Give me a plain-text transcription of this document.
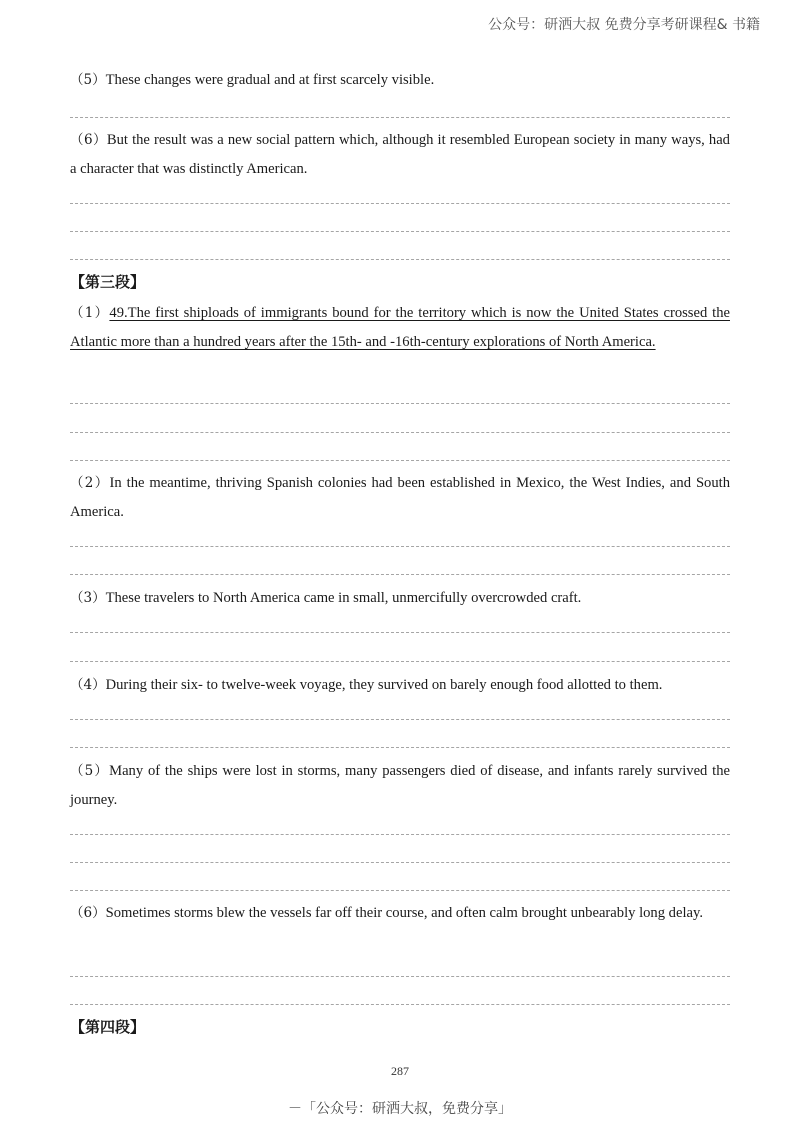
公众号：研洒大叔 免费分享考研课程& 书籍
（5）These changes were gradual and at first scarcely visible.
（6）But the result was a new social pattern which, although it resembled European society in many ways, had a character that was distinctly American.
【第三段】
（1）49.The first shiploads of immigrants bound for the territory which is now the United States crossed the Atlantic more than a hundred years after the 15th- and -16th-century explorations of North America.
（2）In the meantime, thriving Spanish colonies had been established in Mexico, the West Indies, and South America.
（3）These travelers to North America came in small, unmercifully overcrowded craft.
（4）During their six- to twelve-week voyage, they survived on barely enough food allotted to them.
（5）Many of the ships were lost in storms, many passengers died of disease, and infants rarely survived the journey.
（6）Sometimes storms blew the vessels far off their course, and often calm brought unbearably long delay.
【第四段】
287
－「公众号：研洒大叔，免费分享」
